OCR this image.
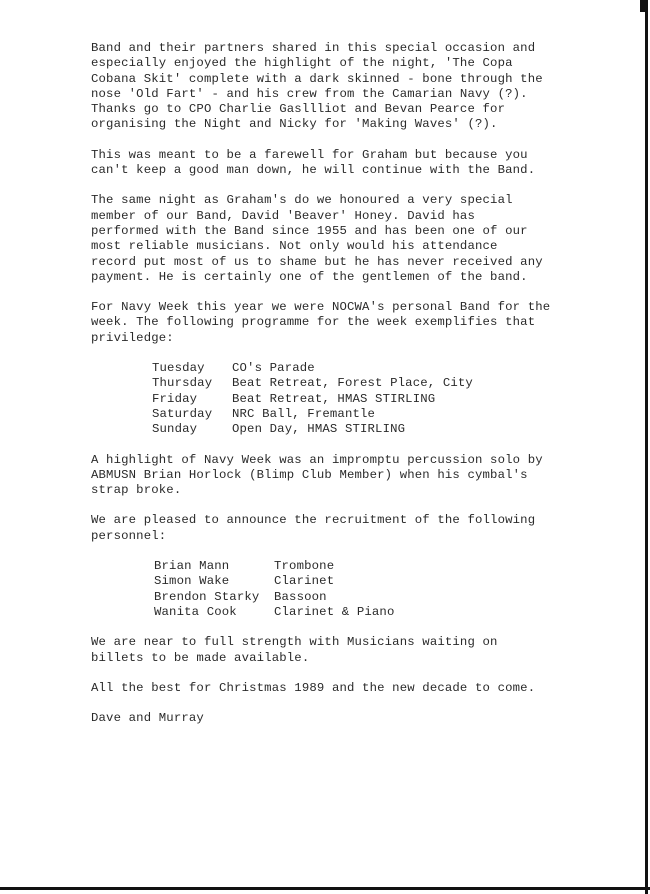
Band and their partners shared in this special occasion and
especially enjoyed the highlight of the night, 'The Copa
Cobana Skit' complete with a dark skinned - bone through the
nose 'Old Fart' - and his crew from the Camarian Navy (?).
Thanks go to CPO Charlie Gasllliot and Bevan Pearce for
organising the Night and Nicky for 'Making Waves' (?).

This was meant to be a farewell for Graham but because you
can't keep a good man down, he will continue with the Band.

The same night as Graham's do we honoured a very special
member of our Band, David 'Beaver' Honey. David has
performed with the Band since 1955 and has been one of our
most reliable musicians. Not only would his attendance
record put most of us to shame but he has never received any
payment. He is certainly one of the gentlemen of the band.

For Navy Week this year we were NOCWA's personal Band for the
week. The following programme for the week exemplifies that
priviledge:

Tuesday	CO's Parade
Thursday	Beat Retreat, Forest Place, City
Friday	Beat Retreat, HMAS STIRLING
Saturday	NRC Ball, Fremantle
Sunday	Open Day, HMAS STIRLING

A highlight of Navy Week was an impromptu percussion solo by
ABMUSN Brian Horlock (Blimp Club Member) when his cymbal's
strap broke.

We are pleased to announce the recruitment of the following
personnel:

Brian Mann	Trombone
Simon Wake	Clarinet
Brendon Starky	Bassoon
Wanita Cook	Clarinet & Piano

We are near to full strength with Musicians waiting on
billets to be made available.

All the best for Christmas 1989 and the new decade to come.

Dave and Murray
